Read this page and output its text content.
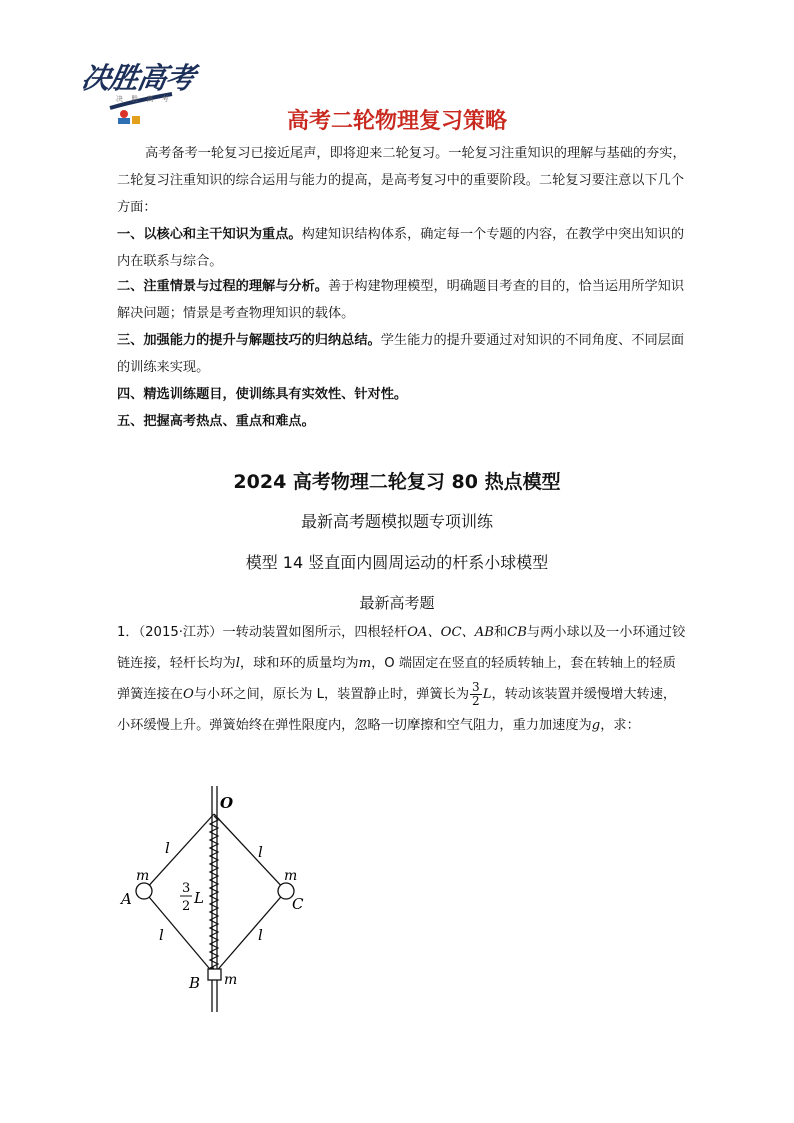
决胜高考
决 胜 高 考
高考二轮物理复习策略
高考备考一轮复习已接近尾声，即将迎来二轮复习。一轮复习注重知识的理解与基础的夯实，二轮复习注重知识的综合运用与能力的提高，是高考复习中的重要阶段。二轮复习要注意以下几个方面：
一、以核心和主干知识为重点。构建知识结构体系，确定每一个专题的内容，在教学中突出知识的内在联系与综合。
二、注重情景与过程的理解与分析。善于构建物理模型，明确题目考查的目的，恰当运用所学知识解决问题；情景是考查物理知识的载体。
三、加强能力的提升与解题技巧的归纳总结。学生能力的提升要通过对知识的不同角度、不同层面的训练来实现。
四、精选训练题目，使训练具有实效性、针对性。
五、把握高考热点、重点和难点。
2024 高考物理二轮复习 80 热点模型
最新高考题模拟题专项训练
模型 14 竖直面内圆周运动的杆系小球模型
最新高考题
1．（2015·江苏）一转动装置如图所示，四根轻杆OA、OC、AB和CB与两小球以及一小环通过铰链连接，轻杆长均为l，球和环的质量均为m，O 端固定在竖直的轻质转轴上，套在转轴上的轻质弹簧连接在O与小环之间，原长为 L，装置静止时，弹簧长为 $\frac{3}{2}$ L，转动该装置并缓慢增大转速，小环缓慢上升。弹簧始终在弹性限度内，忽略一切摩擦和空气阻力，重力加速度为g，求：
O
A	C
B
l	l
l	l
m	m
m
3
2 L
